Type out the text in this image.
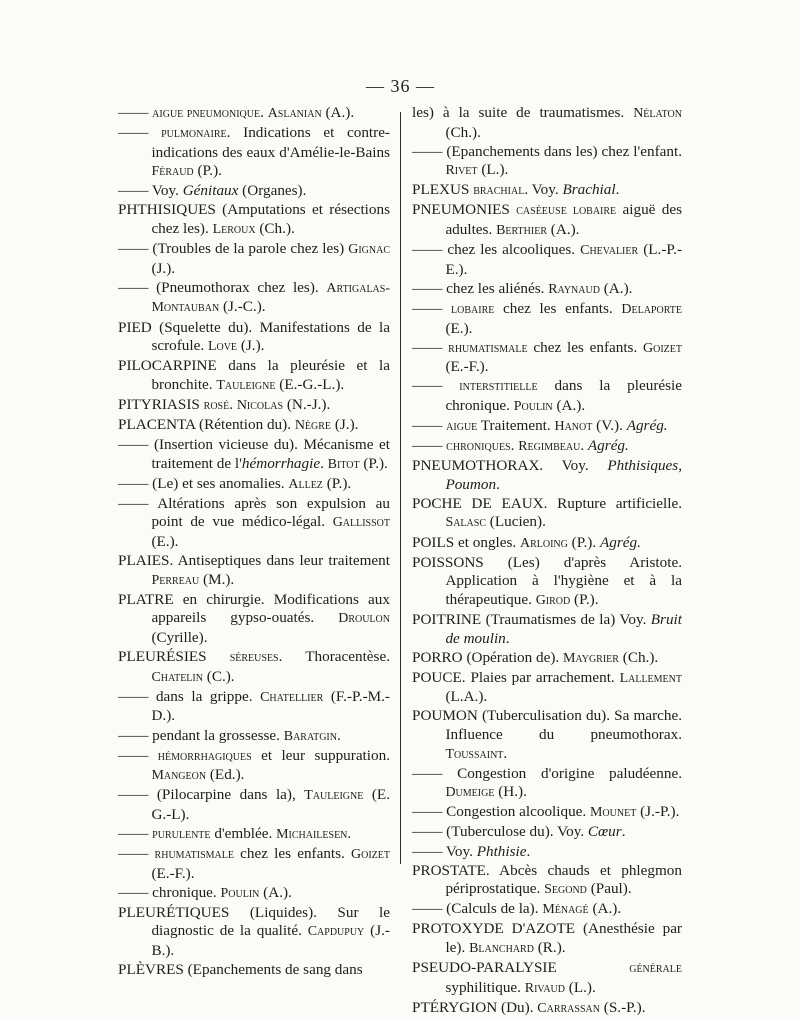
— 36 —
—— aigue pneumonique. Aslanian (A.).
—— pulmonaire. Indications et contre-indications des eaux d'Amélie-le-Bains Féraud (P.).
—— Voy. Génitaux (Organes).
PHTHISIQUES (Amputations et résections chez les). Leroux (Ch.).
—— (Troubles de la parole chez les) Gignac (J.).
—— (Pneumothorax chez les). Artigalas-Montauban (J.-C.).
PIED (Squelette du). Manifestations de la scrofule. Love (J.).
PILOCARPINE dans la pleurésie et la bronchite. Tauleigne (E.-G.-L.).
PITYRIASIS rosé. Nicolas (N.-J.).
PLACENTA (Rétention du). Nègre (J.).
—— (Insertion vicieuse du). Mécanisme et traitement de l'hémorrhagie. Bitot (P.).
—— (Le) et ses anomalies. Allez (P.).
—— Altérations après son expulsion au point de vue médico-légal. Gallissot (E.).
PLAIES. Antiseptiques dans leur traitement Perreau (M.).
PLATRE en chirurgie. Modifications aux appareils gypso-ouatés. Droulon (Cyrille).
PLEURÉSIES séreuses. Thoracentèse. Chatelin (C.).
—— dans la grippe. Chatellier (F.-P.-M.-D.).
—— pendant la grossesse. Baratgin.
—— hémorrhagiques et leur suppuration. Mangeon (Ed.).
—— (Pilocarpine dans la), Tauleigne (E. G.-L).
—— purulente d'emblée. Michailesen.
—— rhumatismale chez les enfants. Goizet (E.-F.).
—— chronique. Poulin (A.).
PLEURÉTIQUES (Liquides). Sur le diagnostic de la qualité. Capdupuy (J.-B.).
PLÈVRES (Epanchements de sang dans
les) à la suite de traumatismes. Nélaton (Ch.).
—— (Epanchements dans les) chez l'enfant. Rivet (L.).
PLEXUS brachial. Voy. Brachial.
PNEUMONIES caséeuse lobaire aiguë des adultes. Berthier (A.).
—— chez les alcooliques. Chevalier (L.-P.-E.).
—— chez les aliénés. Raynaud (A.).
—— lobaire chez les enfants. Delaporte (E.).
—— rhumatismale chez les enfants. Goizet (E.-F.).
—— interstitielle dans la pleurésie chronique. Poulin (A.).
—— aigue Traitement. Hanot (V.). Agrég.
—— chroniques. Regimbeau. Agrég.
PNEUMOTHORAX. Voy. Phthisiques, Poumon.
POCHE DE EAUX. Rupture artificielle. Salasc (Lucien).
POILS et ongles. Arloing (P.). Agrég.
POISSONS (Les) d'après Aristote. Application à l'hygiène et à la thérapeutique. Girod (P.).
POITRINE (Traumatismes de la) Voy. Bruit de moulin.
PORRO (Opération de). Maygrier (Ch.).
POUCE. Plaies par arrachement. Lallement (L.A.).
POUMON (Tuberculisation du). Sa marche. Influence du pneumothorax. Toussaint.
—— Congestion d'origine paludéenne. Dumeige (H.).
—— Congestion alcoolique. Mounet (J.-P.).
—— (Tuberculose du). Voy. Cœur.
—— Voy. Phthisie.
PROSTATE. Abcès chauds et phlegmon périprostatique. Segond (Paul).
—— (Calculs de la). Ménagé (A.).
PROTOXYDE D'AZOTE (Anesthésie par le). Blanchard (R.).
PSEUDO-PARALYSIE générale syphilitique. Rivaud (L.).
PTÉRYGION (Du). Carrassan (S.-P.).
